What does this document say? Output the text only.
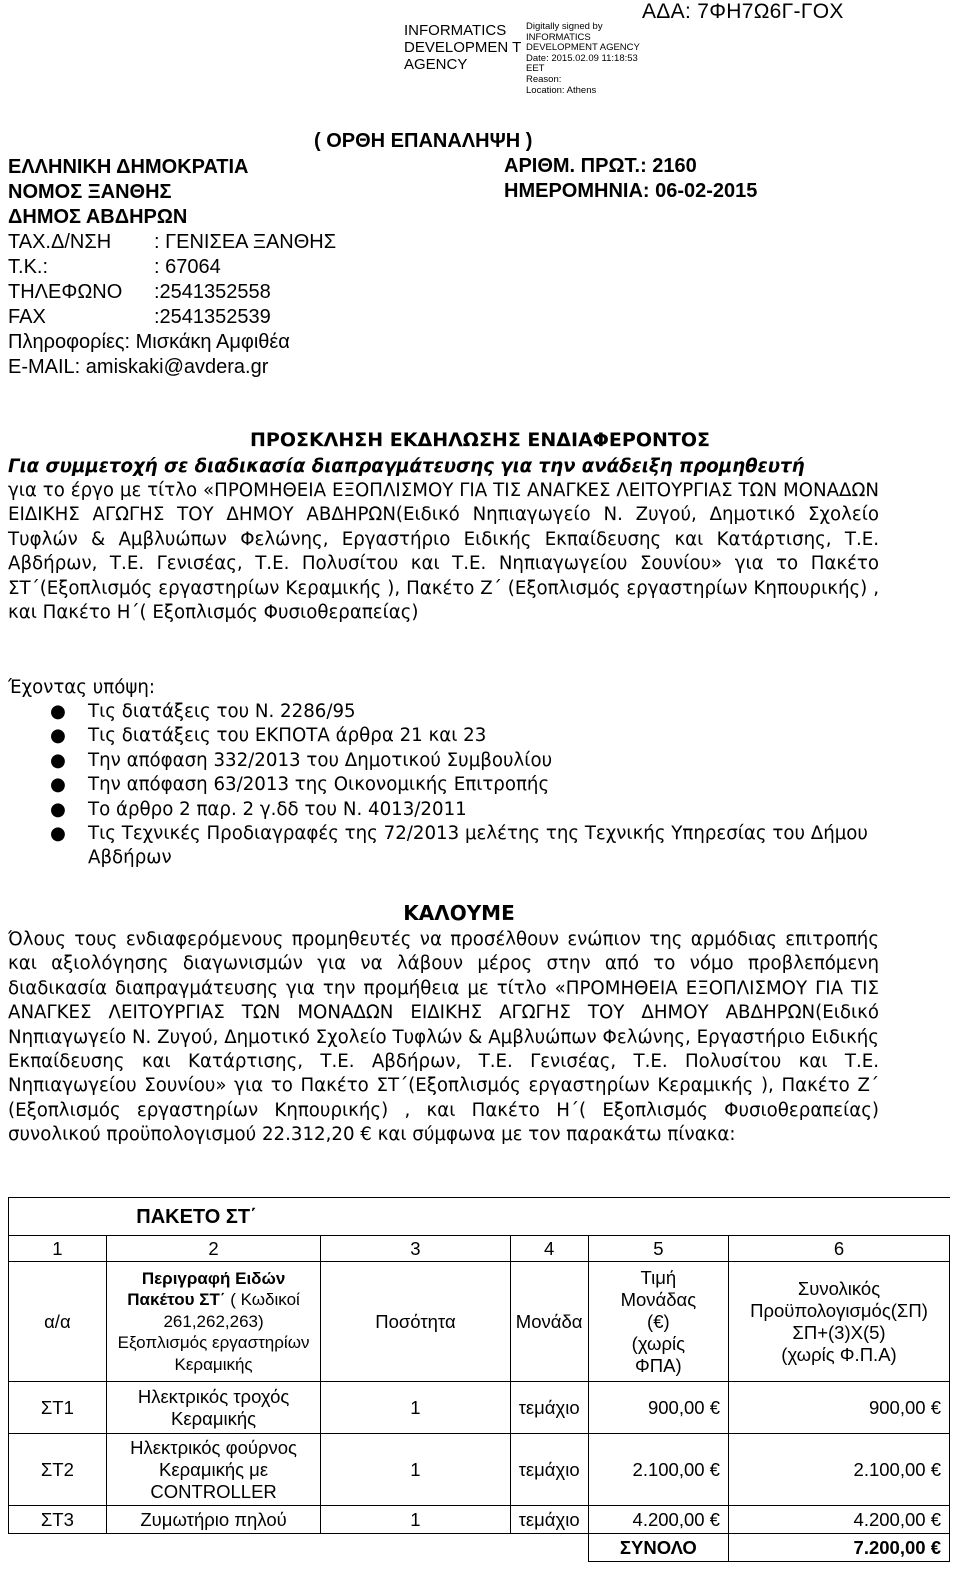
ΑΔΑ: 7ΦΗ7Ω6Γ-ΓΟΧ
INFORMATICS DEVELOPMEN T AGENCY
Digitally signed by
INFORMATICS
DEVELOPMENT AGENCY
Date: 2015.02.09 11:18:53
EET
Reason:
Location: Athens
( ΟΡΘΗ ΕΠΑΝΑΛΗΨΗ )
ΕΛΛΗΝΙΚΗ ΔΗΜΟΚΡΑΤΙΑ
ΝΟΜΟΣ ΞΑΝΘΗΣ
ΔΗΜΟΣ ΑΒΔΗΡΩΝ
ΤΑΧ.Δ/ΝΣΗ : ΓΕΝΙΣΕΑ ΞΑΝΘΗΣ
Τ.Κ.:	: 67064
ΤΗΛΕΦΩΝΟ :2541352558
FAX	:2541352539
Πληροφορίες: Μισκάκη Αμφιθέα
E-MAIL: amiskaki@avdera.gr
ΑΡΙΘΜ. ΠΡΩΤ.: 2160
ΗΜΕΡΟΜΗΝΙΑ: 06-02-2015
ΠΡΟΣΚΛΗΣΗ ΕΚΔΗΛΩΣΗΣ ΕΝΔΙΑΦΕΡΟΝΤΟΣ
Για συμμετοχή σε διαδικασία διαπραγμάτευσης για την ανάδειξη προμηθευτή
για το έργο με τίτλο «ΠΡΟΜΗΘΕΙΑ ΕΞΟΠΛΙΣΜΟΥ ΓΙΑ ΤΙΣ ΑΝΑΓΚΕΣ ΛΕΙΤΟΥΡΓΙΑΣ ΤΩΝ ΜΟΝΑΔΩΝ ΕΙΔΙΚΗΣ ΑΓΩΓΗΣ ΤΟΥ ΔΗΜΟΥ ΑΒΔΗΡΩΝ(Ειδικό Νηπιαγωγείο Ν. Ζυγού, Δημοτικό Σχολείο Τυφλών & Αμβλυώπων Φελώνης, Εργαστήριο Ειδικής Εκπαίδευσης και Κατάρτισης, Τ.Ε. Αβδήρων, Τ.Ε. Γενισέας, Τ.Ε. Πολυσίτου και Τ.Ε. Νηπιαγωγείου Σουνίου» για το Πακέτο ΣΤ΄(Εξοπλισμός εργαστηρίων Κεραμικής ), Πακέτο Ζ΄ (Εξοπλισμός εργαστηρίων Κηπουρικής) , και Πακέτο Η΄( Εξοπλισμός Φυσιοθεραπείας)
Έχοντας υπόψη:
● Τις διατάξεις του Ν. 2286/95
● Τις διατάξεις του ΕΚΠΟΤΑ άρθρα 21 και 23
● Την απόφαση 332/2013 του Δημοτικού Συμβουλίου
● Την απόφαση 63/2013 της Οικονομικής Επιτροπής
● Το άρθρο 2 παρ. 2 γ.δδ του Ν. 4013/2011
● Τις Τεχνικές Προδιαγραφές της 72/2013 μελέτης της Τεχνικής Υπηρεσίας του Δήμου Αβδήρων
ΚΑΛΟΥΜΕ
Όλους τους ενδιαφερόμενους προμηθευτές να προσέλθουν ενώπιον της αρμόδιας επιτροπής και αξιολόγησης διαγωνισμών για να λάβουν μέρος στην από το νόμο προβλεπόμενη διαδικασία διαπραγμάτευσης για την προμήθεια με τίτλο «ΠΡΟΜΗΘΕΙΑ ΕΞΟΠΛΙΣΜΟΥ ΓΙΑ ΤΙΣ ΑΝΑΓΚΕΣ ΛΕΙΤΟΥΡΓΙΑΣ ΤΩΝ ΜΟΝΑΔΩΝ ΕΙΔΙΚΗΣ ΑΓΩΓΗΣ ΤΟΥ ΔΗΜΟΥ ΑΒΔΗΡΩΝ(Ειδικό Νηπιαγωγείο Ν. Ζυγού, Δημοτικό Σχολείο Τυφλών & Αμβλυώπων Φελώνης, Εργαστήριο Ειδικής Εκπαίδευσης και Κατάρτισης, Τ.Ε. Αβδήρων, Τ.Ε. Γενισέας, Τ.Ε. Πολυσίτου και Τ.Ε. Νηπιαγωγείου Σουνίου» για το Πακέτο ΣΤ΄(Εξοπλισμός εργαστηρίων Κεραμικής ), Πακέτο Ζ΄ (Εξοπλισμός εργαστηρίων Κηπουρικής) , και Πακέτο Η΄( Εξοπλισμός Φυσιοθεραπείας) συνολικού προϋπολογισμού 22.312,20 € και σύμφωνα με τον παρακάτω πίνακα:
	ΠΑΚΕΤΟ ΣΤ΄				
1	2	3	4	5	6
α/α	Περιγραφή Ειδών
Πακέτου ΣΤ΄ ( Κωδικοί
261,262,263)
Εξοπλισμός εργαστηρίων
Κεραμικής	Ποσότητα	Μονάδα	Τιμή
Μονάδας
(€)
(χωρίς
ΦΠΑ)	Συνολικός
Προϋπολογισμός(ΣΠ)
ΣΠ+(3)Χ(5)
(χωρίς Φ.Π.Α)

ΣΤ1	Ηλεκτρικός τροχός
Κεραμικής	1	τεμάχιο	900,00 €	900,00 €
ΣΤ2	Ηλεκτρικός φούρνος
Κεραμικής με
CONTROLLER	1	τεμάχιο	2.100,00 €	2.100,00 €
ΣΤ3	Ζυμωτήριο πηλού	1	τεμάχιο	4.200,00 €	4.200,00 €
				ΣΥΝΟΛΟ	7.200,00 €
